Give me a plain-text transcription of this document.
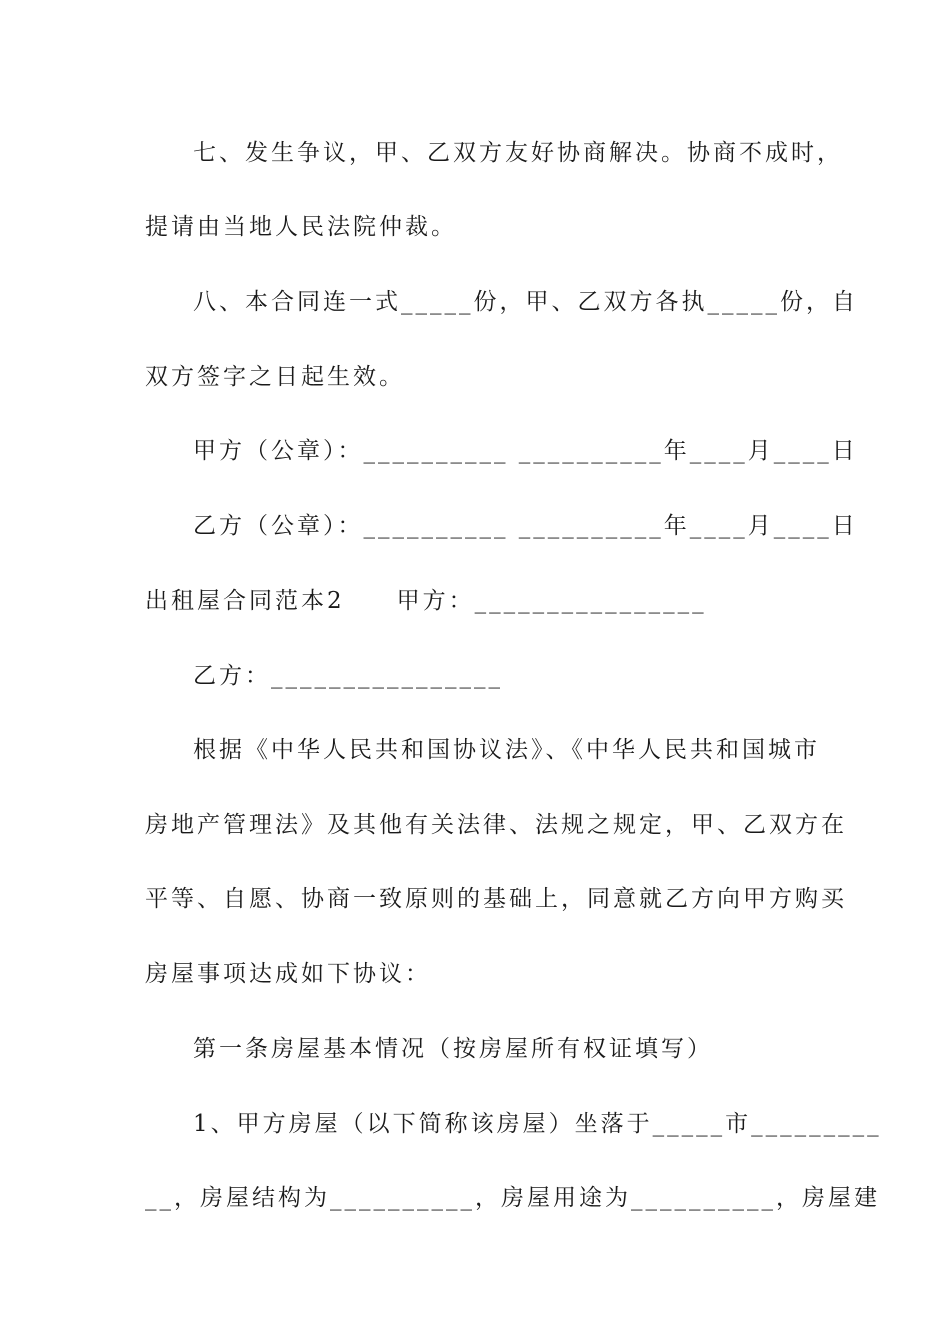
七、发生争议，甲、乙双方友好协商解决。协商不成时，
提请由当地人民法院仲裁。
八、本合同连一式_____份，甲、乙双方各执_____份，自
双方签字之日起生效。
甲方（公章）：__________ __________年____月____日
乙方（公章）：__________ __________年____月____日
出租屋合同范本2　　甲方：________________
乙方：________________
根据《中华人民共和国协议法》、《中华人民共和国城市
房地产管理法》及其他有关法律、法规之规定，甲、乙双方在
平等、自愿、协商一致原则的基础上，同意就乙方向甲方购买
房屋事项达成如下协议：
第一条房屋基本情况（按房屋所有权证填写）
1、甲方房屋（以下简称该房屋）坐落于_____市_________
__，房屋结构为__________，房屋用途为__________，房屋建
